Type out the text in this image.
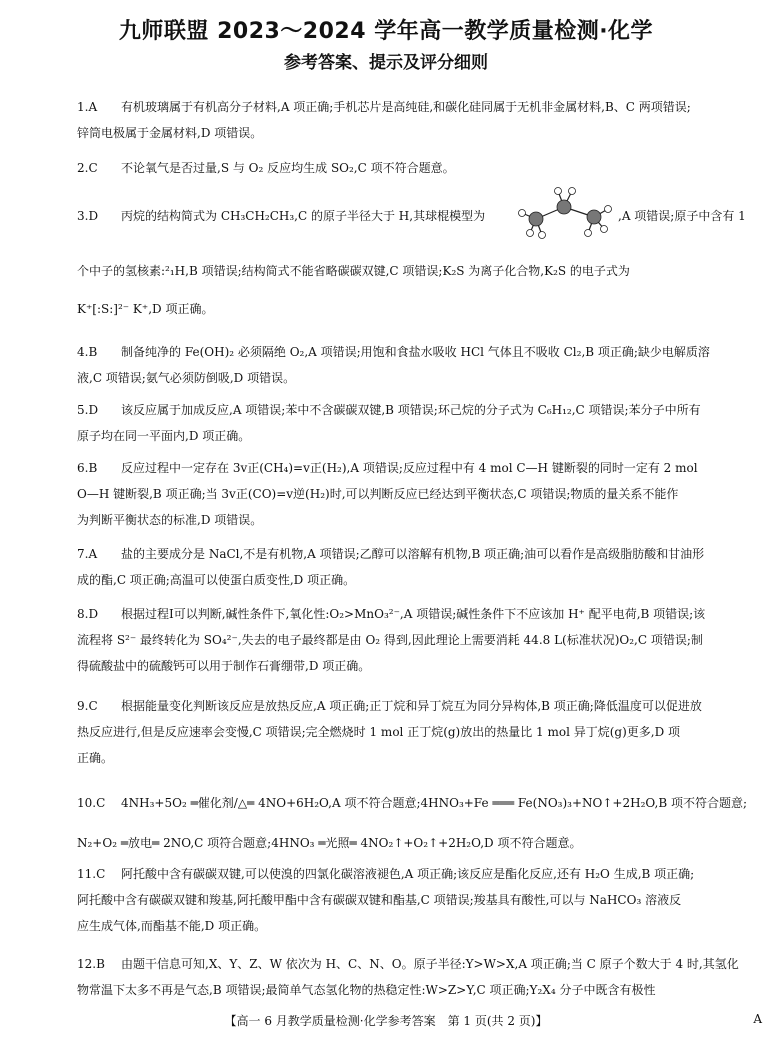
九师联盟 2023～2024 学年高一教学质量检测·化学
参考答案、提示及评分细则
1.A 有机玻璃属于有机高分子材料,A 项正确;手机芯片是高纯硅,和碳化硅同属于无机非金属材料,B、C 两项错误;
锌筒电极属于金属材料,D 项错误。
2.C 不论氧气是否过量,S 与 O₂ 反应均生成 SO₂,C 项不符合题意。
3.D 丙烷的结构简式为 CH₃CH₂CH₃,C 的原子半径大于 H,其球棍模型为	,A 项错误;原子中含有 1
个中子的氢核素:²₁H,B 项错误;结构简式不能省略碳碳双键,C 项错误;K₂S 为离子化合物,K₂S 的电子式为
K⁺[:S:]²⁻ K⁺,D 项正确。
4.B 制备纯净的 Fe(OH)₂ 必须隔绝 O₂,A 项错误;用饱和食盐水吸收 HCl 气体且不吸收 Cl₂,B 项正确;缺少电解质溶
液,C 项错误;氨气必须防倒吸,D 项错误。
5.D 该反应属于加成反应,A 项错误;苯中不含碳碳双键,B 项错误;环己烷的分子式为 C₆H₁₂,C 项错误;苯分子中所有
原子均在同一平面内,D 项正确。
6.B 反应过程中一定存在 3v正(CH₄)=v正(H₂),A 项错误;反应过程中有 4 mol C—H 键断裂的同时一定有 2 mol
O—H 键断裂,B 项正确;当 3v正(CO)=v逆(H₂)时,可以判断反应已经达到平衡状态,C 项错误;物质的量关系不能作
为判断平衡状态的标准,D 项错误。
7.A 盐的主要成分是 NaCl,不是有机物,A 项错误;乙醇可以溶解有机物,B 项正确;油可以看作是高级脂肪酸和甘油形
成的酯,C 项正确;高温可以使蛋白质变性,D 项正确。
8.D 根据过程Ⅰ可以判断,碱性条件下,氧化性:O₂>MnO₃²⁻,A 项错误;碱性条件下不应该加 H⁺ 配平电荷,B 项错误;该
流程将 S²⁻ 最终转化为 SO₄²⁻,失去的电子最终都是由 O₂ 得到,因此理论上需要消耗 44.8 L(标准状况)O₂,C 项错误;制
得硫酸盐中的硫酸钙可以用于制作石膏绷带,D 项正确。
9.C 根据能量变化判断该反应是放热反应,A 项正确;正丁烷和异丁烷互为同分异构体,B 项正确;降低温度可以促进放
热反应进行,但是反应速率会变慢,C 项错误;完全燃烧时 1 mol 正丁烷(g)放出的热量比 1 mol 异丁烷(g)更多,D 项
正确。
10.C 4NH₃+5O₂ ═催化剂/△═ 4NO+6H₂O,A 项不符合题意;4HNO₃+Fe ═══ Fe(NO₃)₃+NO↑+2H₂O,B 项不符合题意;
N₂+O₂ ═放电═ 2NO,C 项符合题意;4HNO₃ ═光照═ 4NO₂↑+O₂↑+2H₂O,D 项不符合题意。
11.C 阿托酸中含有碳碳双键,可以使溴的四氯化碳溶液褪色,A 项正确;该反应是酯化反应,还有 H₂O 生成,B 项正确;
阿托酸中含有碳碳双键和羧基,阿托酸甲酯中含有碳碳双键和酯基,C 项错误;羧基具有酸性,可以与 NaHCO₃ 溶液反
应生成气体,而酯基不能,D 项正确。
12.B 由题干信息可知,X、Y、Z、W 依次为 H、C、N、O。原子半径:Y>W>X,A 项正确;当 C 原子个数大于 4 时,其氢化
物常温下太多不再是气态,B 项错误;最简单气态氢化物的热稳定性:W>Z>Y,C 项正确;Y₂X₄ 分子中既含有极性
【高一 6 月教学质量检测·化学参考答案　第 1 页(共 2 页)】	A
